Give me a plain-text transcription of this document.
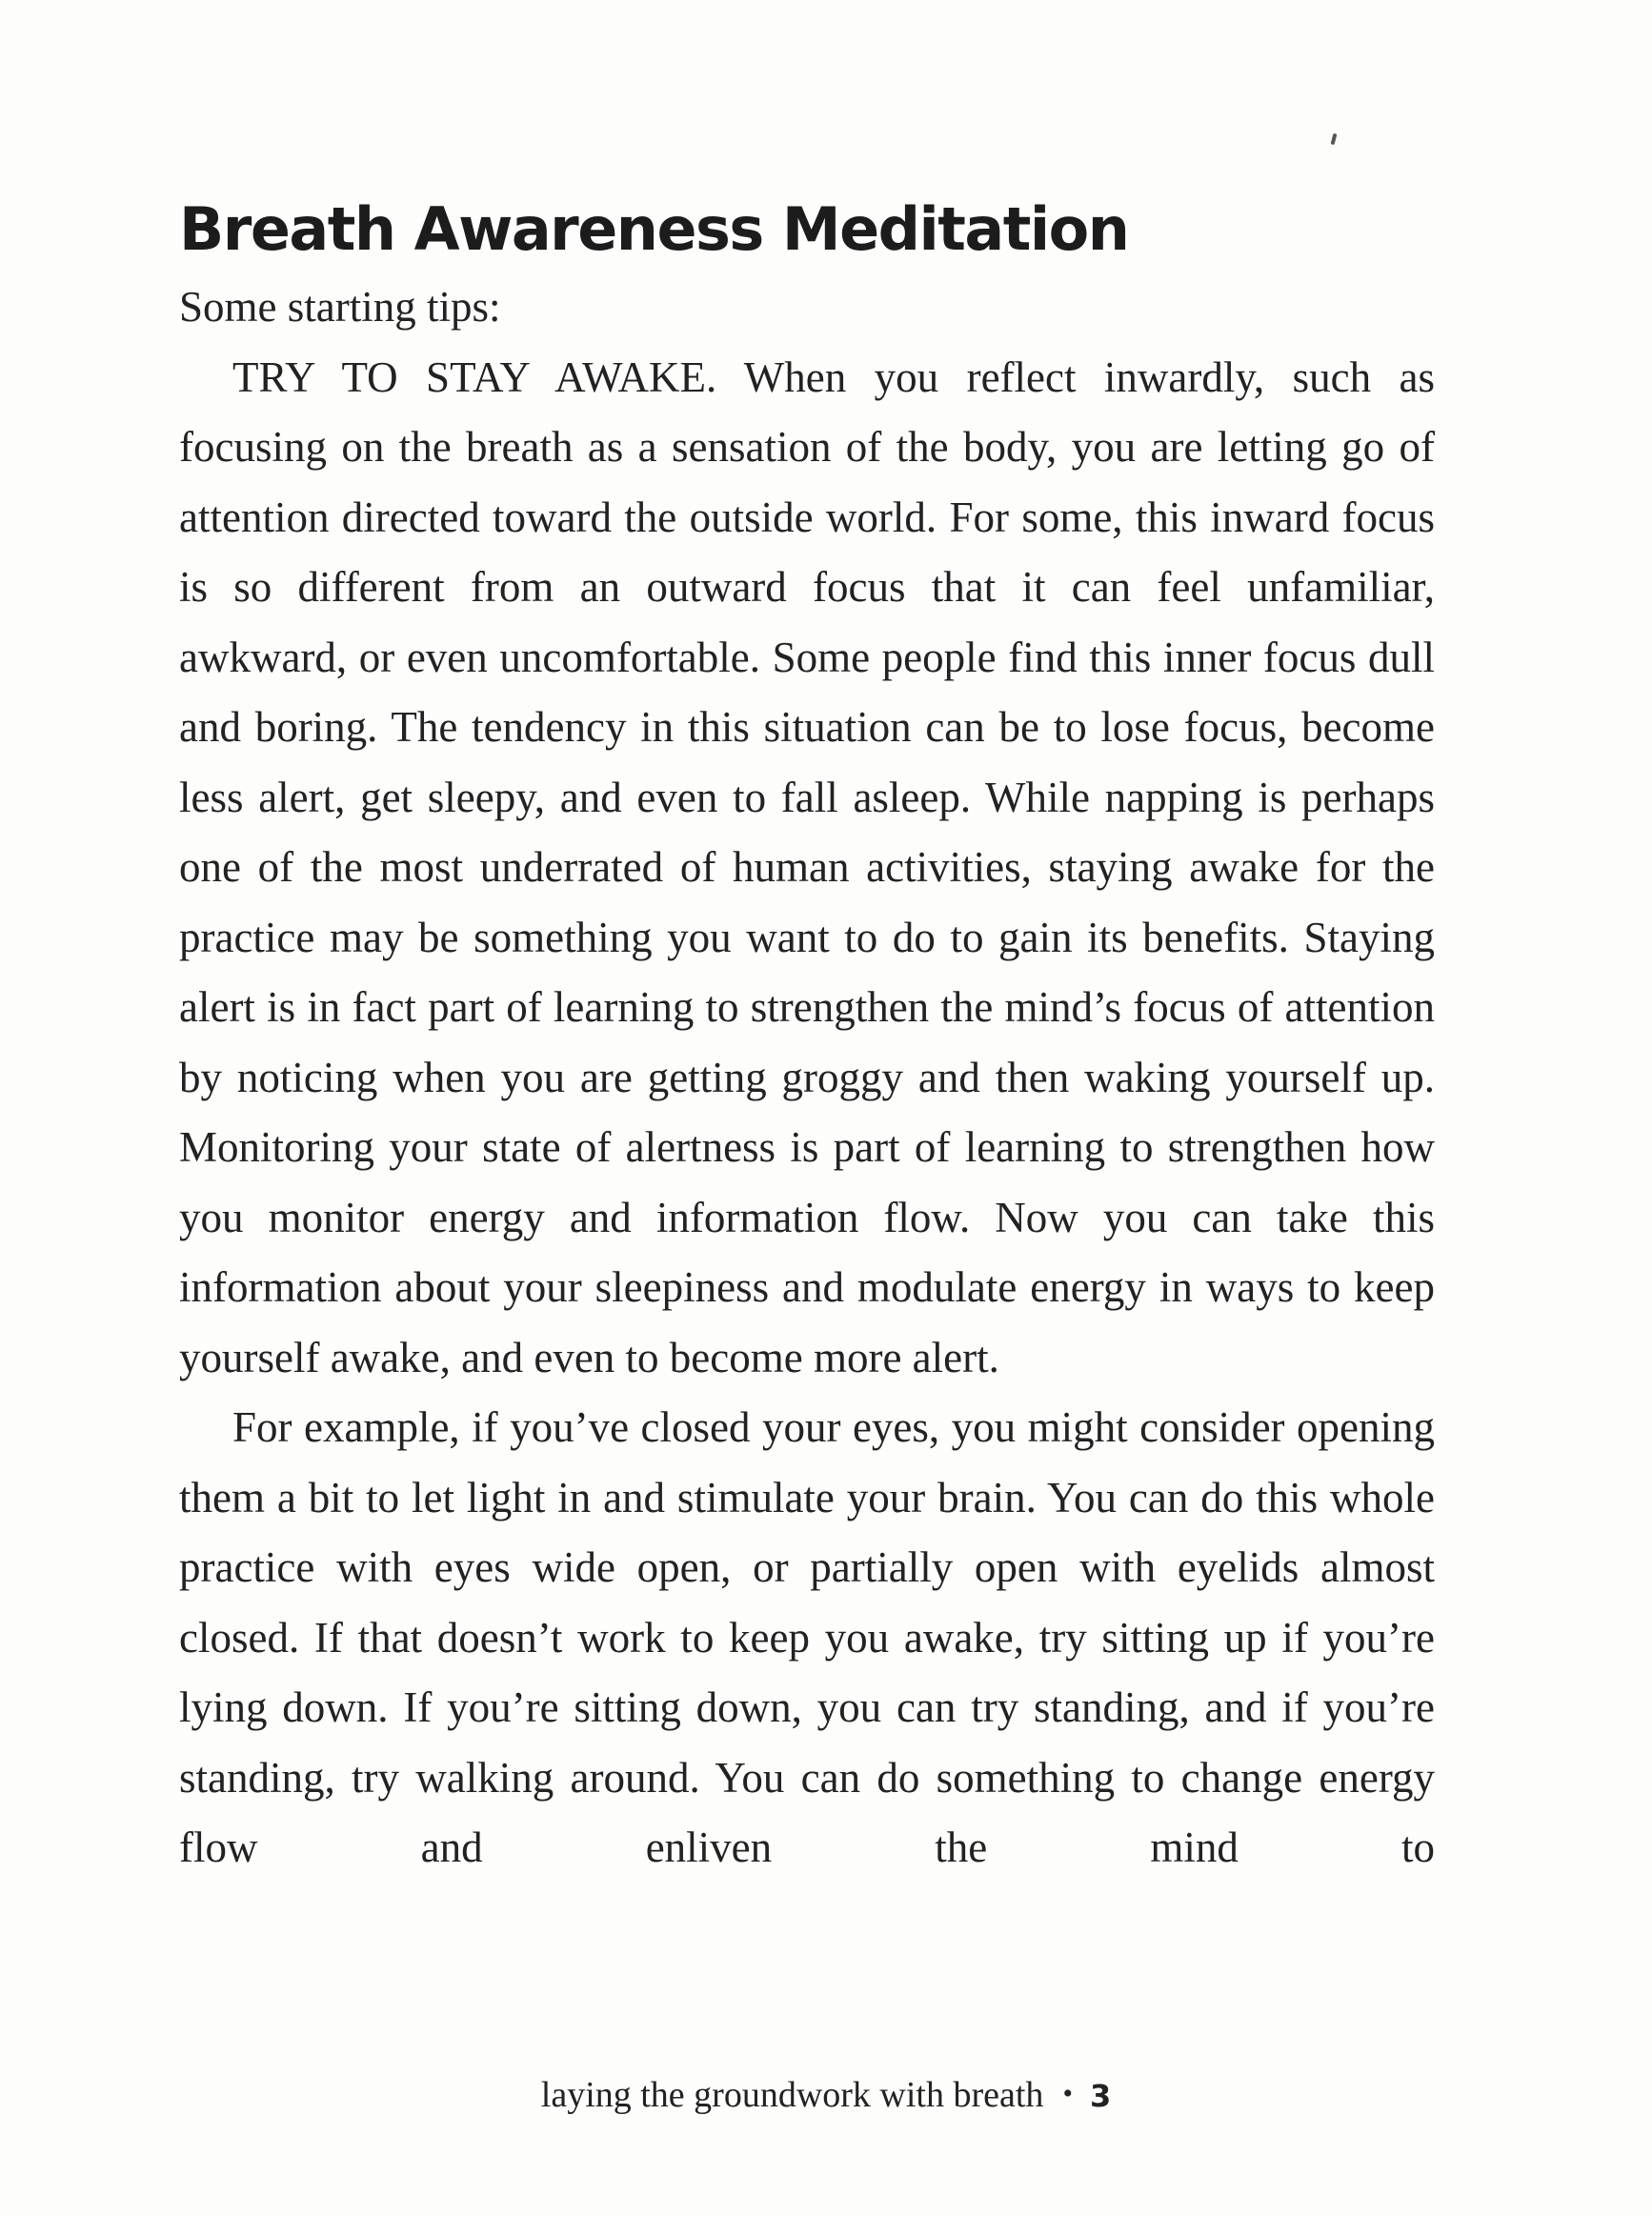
Breath Awareness Meditation

Some starting tips:

TRY TO STAY AWAKE. When you reflect inwardly, such as focusing on the breath as a sensation of the body, you are letting go of attention directed toward the outside world. For some, this inward focus is so different from an outward focus that it can feel unfamiliar, awkward, or even uncomfortable. Some people find this inner focus dull and boring. The tendency in this situation can be to lose focus, become less alert, get sleepy, and even to fall asleep. While napping is perhaps one of the most underrated of human activities, staying awake for the practice may be something you want to do to gain its benefits. Staying alert is in fact part of learning to strengthen the mind’s focus of attention by noticing when you are getting groggy and then waking yourself up. Monitoring your state of alertness is part of learning to strengthen how you monitor energy and information flow. Now you can take this information about your sleepiness and modulate energy in ways to keep yourself awake, and even to become more alert.

For example, if you’ve closed your eyes, you might consider opening them a bit to let light in and stimulate your brain. You can do this whole practice with eyes wide open, or partially open with eyelids almost closed. If that doesn’t work to keep you awake, try sitting up if you’re lying down. If you’re sitting down, you can try standing, and if you’re standing, try walking around. You can do something to change energy flow and enliven the mind to

laying the groundwork with breath • 3
